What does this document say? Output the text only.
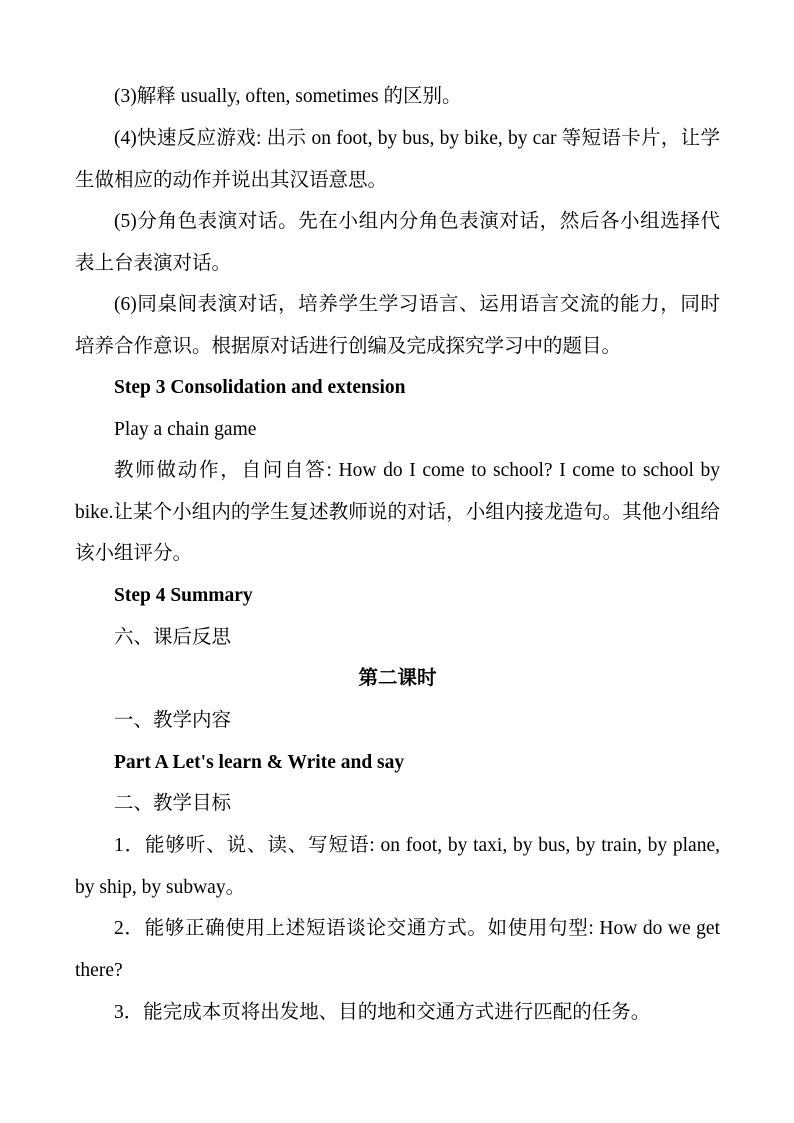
(3)解释 usually, often, sometimes 的区别。

(4)快速反应游戏: 出示 on foot, by bus, by bike, by car 等短语卡片，让学生做相应的动作并说出其汉语意思。

(5)分角色表演对话。先在小组内分角色表演对话，然后各小组选择代表上台表演对话。

(6)同桌间表演对话，培养学生学习语言、运用语言交流的能力，同时培养合作意识。根据原对话进行创编及完成探究学习中的题目。

Step 3 Consolidation and extension

Play a chain game

教师做动作，自问自答: How do I come to school? I come to school by bike.让某个小组内的学生复述教师说的对话，小组内接龙造句。其他小组给该小组评分。

Step 4 Summary

六、课后反思

第二课时

一、教学内容

Part A Let's learn & Write and say

二、教学目标

1．能够听、说、读、写短语: on foot, by taxi, by bus, by train, by plane, by ship, by subway。

2．能够正确使用上述短语谈论交通方式。如使用句型: How do we get there?

3．能完成本页将出发地、目的地和交通方式进行匹配的任务。
